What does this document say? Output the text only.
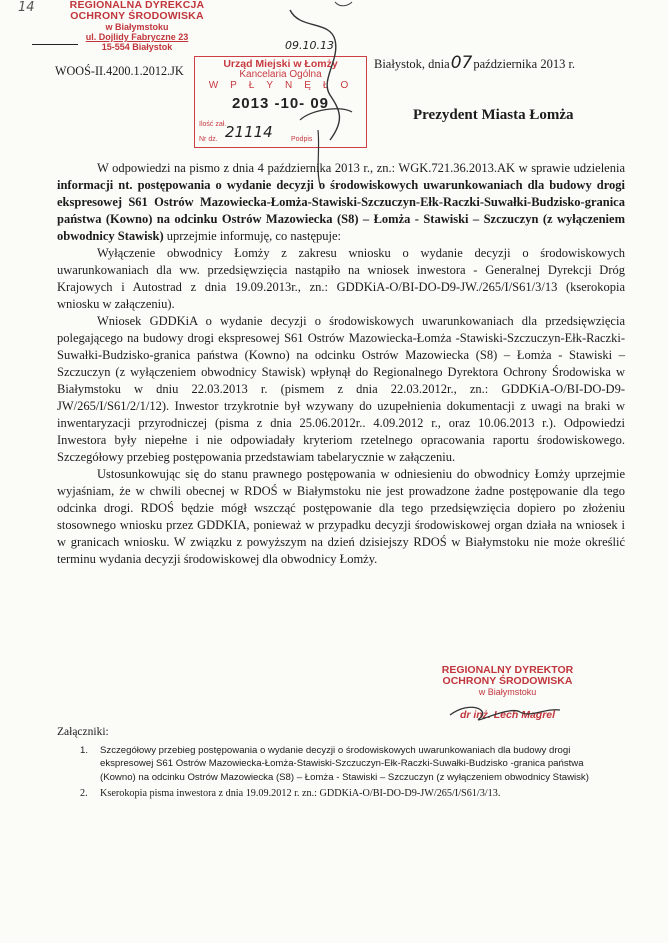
14	REGIONALNA DYREKCJA
OCHRONY ŚRODOWISKA
w Białymstoku
ul. Dojlidy Fabryczne 23
15-554 Białystok
WOOŚ-II.4200.1.2012.JK	Białystok, dnia07października 2013 r.
09.10.13
Urząd Miejski w Łomży
Kancelaria Ogólna
WPŁYNĘŁO
2013 -10- 09
Ilość zał.
21114
Nr dz.	Podpis
Prezydent Miasta Łomża

W odpowiedzi na pismo z dnia 4 października 2013 r., zn.: WGK.721.36.2013.AK w sprawie udzielenia informacji nt. postępowania o wydanie decyzji o środowiskowych uwarunkowaniach dla budowy drogi ekspresowej S61 Ostrów Mazowiecka-Łomża-Stawiski-Szczuczyn-Ełk-Raczki-Suwałki-Budzisko-granica państwa (Kowno) na odcinku Ostrów Mazowiecka (S8) – Łomża - Stawiski – Szczuczyn (z wyłączeniem obwodnicy Stawisk) uprzejmie informuję, co następuje:

Wyłączenie obwodnicy Łomży z zakresu wniosku o wydanie decyzji o środowiskowych uwarunkowaniach dla ww. przedsięwzięcia nastąpiło na wniosek inwestora - Generalnej Dyrekcji Dróg Krajowych i Autostrad z dnia 19.09.2013r., zn.: GDDKiA-O/BI-DO-D9-JW./265/I/S61/3/13 (kserokopia wniosku w załączeniu).

Wniosek GDDKiA o wydanie decyzji o środowiskowych uwarunkowaniach dla przedsięwzięcia polegającego na budowy drogi ekspresowej S61 Ostrów Mazowiecka-Łomża -Stawiski-Szczuczyn-Ełk-Raczki-Suwałki-Budzisko-granica państwa (Kowno) na odcinku Ostrów Mazowiecka (S8) – Łomża - Stawiski – Szczuczyn (z wyłączeniem obwodnicy Stawisk) wpłynął do Regionalnego Dyrektora Ochrony Środowiska w Białymstoku w dniu 22.03.2013 r. (pismem z dnia 22.03.2012r., zn.: GDDKiA-O/BI-DO-D9-JW/265/I/S61/2/1/12). Inwestor trzykrotnie był wzywany do uzupełnienia dokumentacji z uwagi na braki w inwentaryzacji przyrodniczej (pisma z dnia 25.06.2012r.. 4.09.2012 r., oraz 10.06.2013 r.). Odpowiedzi Inwestora były niepełne i nie odpowiadały kryteriom rzetelnego opracowania raportu środowiskowego. Szczegółowy przebieg postępowania przedstawiam tabelarycznie w załączeniu.

Ustosunkowując się do stanu prawnego postępowania w odniesieniu do obwodnicy Łomży uprzejmie wyjaśniam, że w chwili obecnej w RDOŚ w Białymstoku nie jest prowadzone żadne postępowanie dla tego odcinka drogi. RDOŚ będzie mógł wszcząć postępowanie dla tego przedsięwzięcia dopiero po złożeniu stosownego wniosku przez GDDKIA, ponieważ w przypadku decyzji środowiskowej organ działa na wniosek i w granicach wniosku. W związku z powyższym na dzień dzisiejszy RDOŚ w Białymstoku nie może określić terminu wydania decyzji środowiskowej dla obwodnicy Łomży.

REGIONALNY DYREKTOR
OCHRONY ŚRODOWISKA
w Białymstoku
dr inż. Lech Magrel
Załączniki:
1. Szczegółowy przebieg postępowania o wydanie decyzji o środowiskowych uwarunkowaniach dla budowy drogi ekspresowej S61 Ostrów Mazowiecka-Łomża-Stawiski-Szczuczyn-Ełk-Raczki-Suwałki-Budzisko -granica państwa (Kowno) na odcinku Ostrów Mazowiecka (S8) – Łomża - Stawiski – Szczuczyn (z wyłączeniem obwodnicy Stawisk)
2. Kserokopia pisma inwestora z dnia 19.09.2012 r. zn.: GDDKiA-O/BI-DO-D9-JW/265/I/S61/3/13.
